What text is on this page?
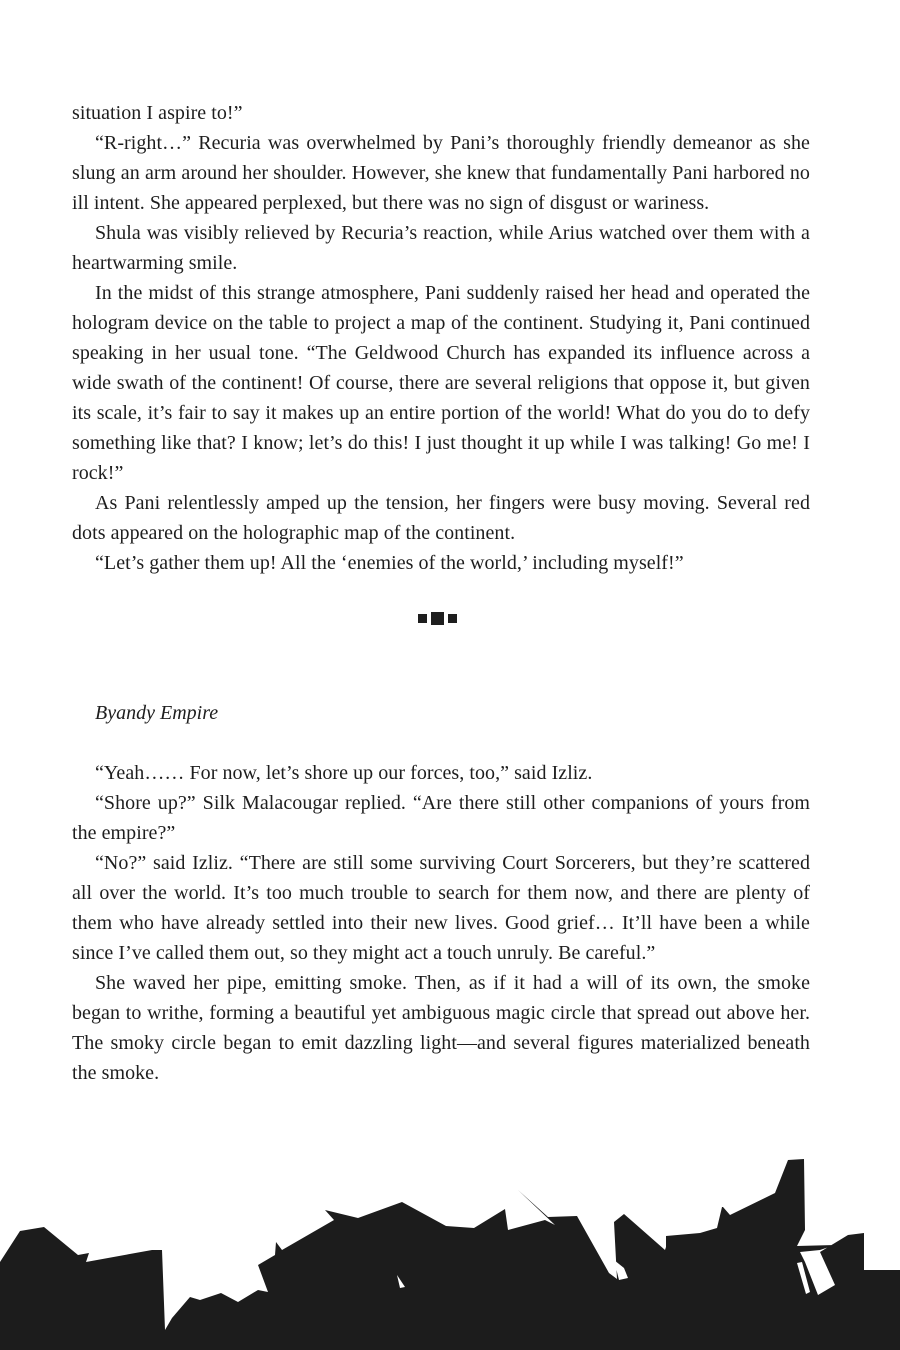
situation I aspire to!”

“R-right…” Recuria was overwhelmed by Pani’s thoroughly friendly demeanor as she slung an arm around her shoulder. However, she knew that fundamentally Pani harbored no ill intent. She appeared perplexed, but there was no sign of disgust or wariness.

Shula was visibly relieved by Recuria’s reaction, while Arius watched over them with a heartwarming smile.

In the midst of this strange atmosphere, Pani suddenly raised her head and operated the hologram device on the table to project a map of the continent. Studying it, Pani continued speaking in her usual tone. “The Geldwood Church has expanded its influence across a wide swath of the continent! Of course, there are several religions that oppose it, but given its scale, it’s fair to say it makes up an entire portion of the world! What do you do to defy something like that? I know; let’s do this! I just thought it up while I was talking! Go me! I rock!”

As Pani relentlessly amped up the tension, her fingers were busy moving. Several red dots appeared on the holographic map of the continent.

“Let’s gather them up! All the ‘enemies of the world,’ including myself!”

Byandy Empire

“Yeah…… For now, let’s shore up our forces, too,” said Izliz.

“Shore up?” Silk Malacougar replied. “Are there still other companions of yours from the empire?”

“No?” said Izliz. “There are still some surviving Court Sorcerers, but they’re scattered all over the world. It’s too much trouble to search for them now, and there are plenty of them who have already settled into their new lives. Good grief… It’ll have been a while since I’ve called them out, so they might act a touch unruly. Be careful.”

She waved her pipe, emitting smoke. Then, as if it had a will of its own, the smoke began to writhe, forming a beautiful yet ambiguous magic circle that spread out above her. The smoky circle began to emit dazzling light—and several figures materialized beneath the smoke.
